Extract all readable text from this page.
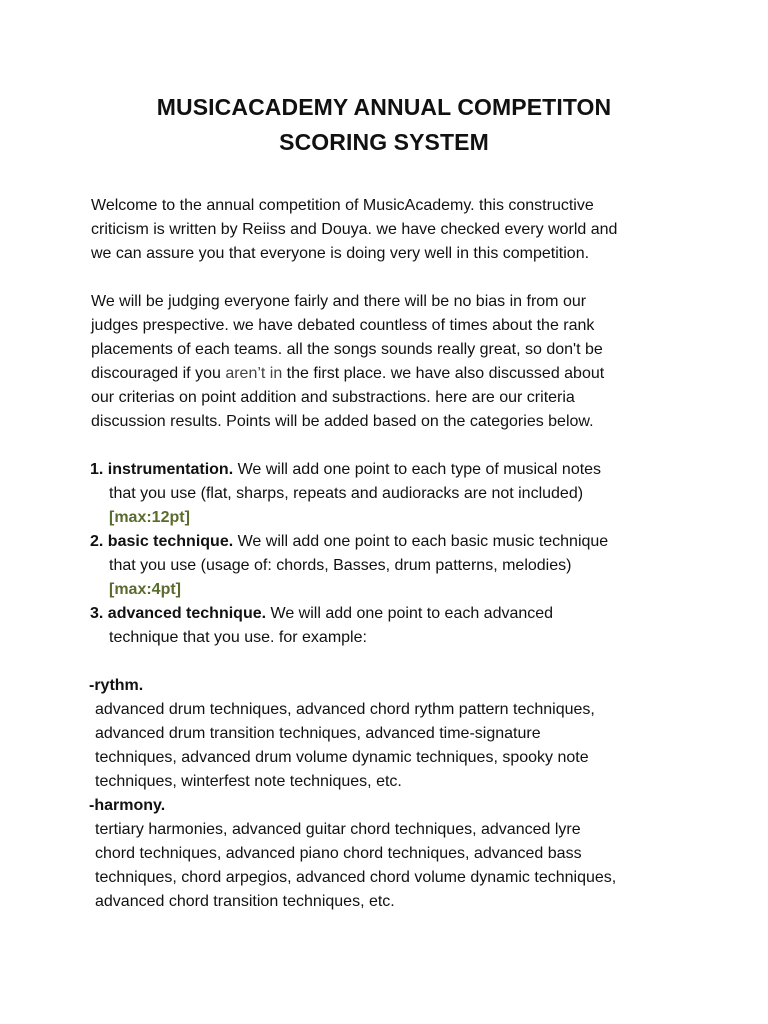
MUSICACADEMY ANNUAL COMPETITON
SCORING SYSTEM
Welcome to the annual competition of MusicAcademy. this constructive
criticism is written by Reiiss and Douya. we have checked every world and
we can assure you that everyone is doing very well in this competition.
We will be judging everyone fairly and there will be no bias in from our
judges prespective. we have debated countless of times about the rank
placements of each teams. all the songs sounds really great, so don't be
discouraged if you aren’t in the first place. we have also discussed about
our criterias on point addition and substractions. here are our criteria
discussion results. Points will be added based on the categories below.
1. instrumentation. We will add one point to each type of musical notes
that you use (flat, sharps, repeats and audioracks are not included)
[max:12pt]
2. basic technique. We will add one point to each basic music technique
that you use (usage of: chords, Basses, drum patterns, melodies)
[max:4pt]
3. advanced technique. We will add one point to each advanced
technique that you use. for example:
-rythm.
advanced drum techniques, advanced chord rythm pattern techniques,
advanced drum transition techniques, advanced time-signature
techniques, advanced drum volume dynamic techniques, spooky note
techniques, winterfest note techniques, etc.
-harmony.
tertiary harmonies, advanced guitar chord techniques, advanced lyre
chord techniques, advanced piano chord techniques, advanced bass
techniques, chord arpegios, advanced chord volume dynamic techniques,
advanced chord transition techniques, etc.
